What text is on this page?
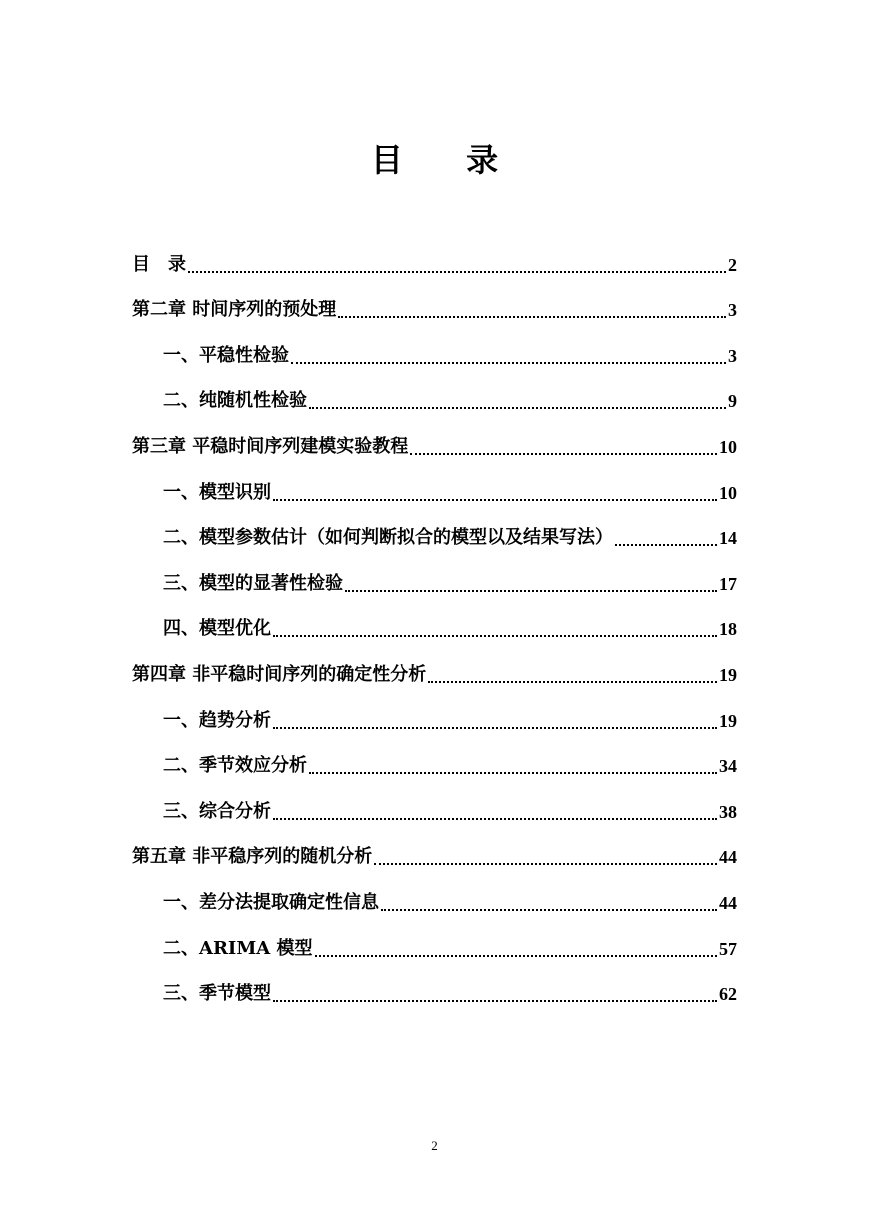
目 录
目　录	2
第二章 时间序列的预处理	3
一、平稳性检验	3
二、纯随机性检验	9
第三章 平稳时间序列建模实验教程	10
一、模型识别	10
二、模型参数估计（如何判断拟合的模型以及结果写法）	14
三、模型的显著性检验	17
四、模型优化	18
第四章 非平稳时间序列的确定性分析	19
一、趋势分析	19
二、季节效应分析	34
三、综合分析	38
第五章 非平稳序列的随机分析	44
一、差分法提取确定性信息	44
二、ARIMA 模型	57
三、季节模型	62
2
